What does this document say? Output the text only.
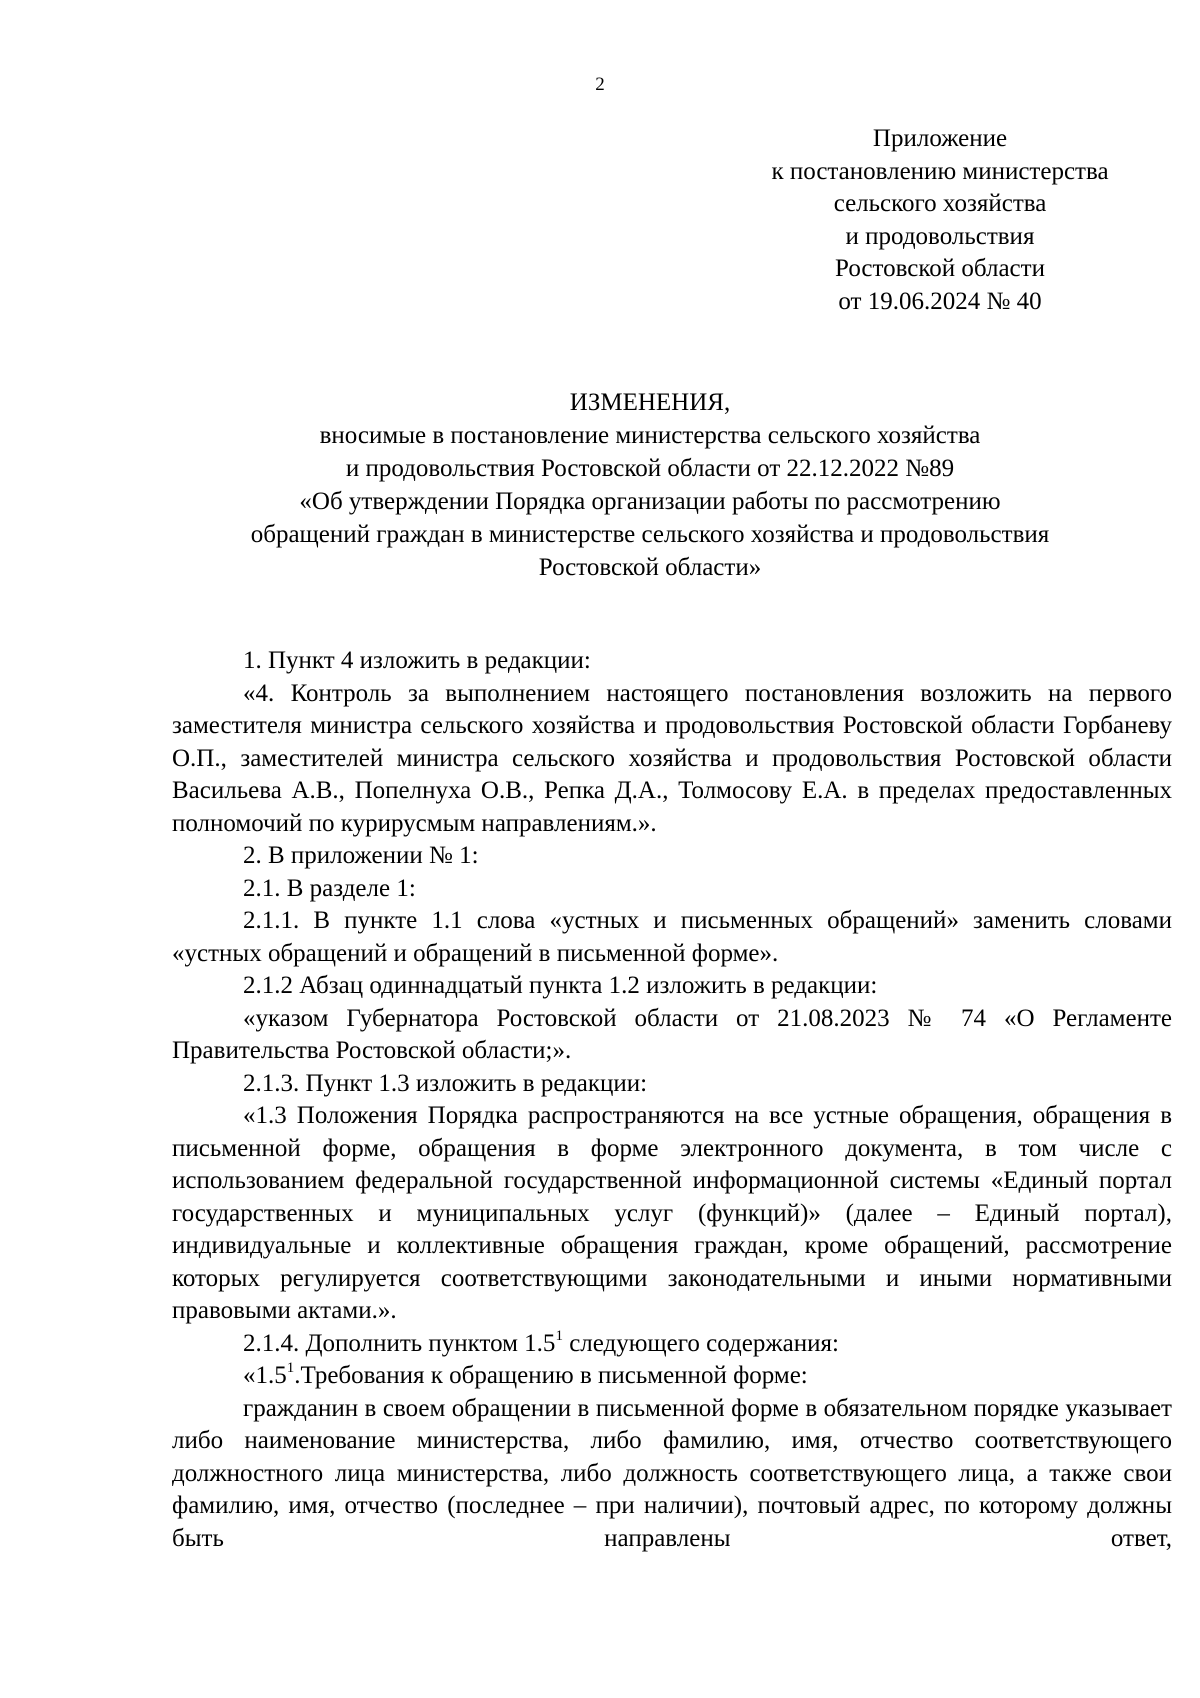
2
Приложение
к постановлению министерства
сельского хозяйства
и продовольствия
Ростовской области
от 19.06.2024 № 40
ИЗМЕНЕНИЯ,
вносимые в постановление министерства сельского хозяйства
и продовольствия Ростовской области от 22.12.2022 №89
«Об утверждении Порядка организации работы по рассмотрению
обращений граждан в министерстве сельского хозяйства и продовольствия
Ростовской области»

1. Пункт 4 изложить в редакции:

«4. Контроль за выполнением настоящего постановления возложить на первого заместителя министра сельского хозяйства и продовольствия Ростовской области Горбаневу О.П., заместителей министра сельского хозяйства и продовольствия Ростовской области Васильева А.В., Попелнуха О.В., Репка Д.А., Толмосову Е.А. в пределах предоставленных полномочий по курирусмым направлениям.».

2. В приложении № 1:

2.1. В разделе 1:

2.1.1. В пункте 1.1 слова «устных и письменных обращений» заменить словами «устных обращений и обращений в письменной форме».

2.1.2 Абзац одиннадцатый пункта 1.2 изложить в редакции:

«указом Губернатора Ростовской области от 21.08.2023 № 74 «О Регламенте Правительства Ростовской области;».

2.1.3. Пункт 1.3 изложить в редакции:

«1.3 Положения Порядка распространяются на все устные обращения, обращения в письменной форме, обращения в форме электронного документа, в том числе с использованием федеральной государственной информационной системы «Единый портал государственных и муниципальных услуг (функций)» (далее – Единый портал), индивидуальные и коллективные обращения граждан, кроме обращений, рассмотрение которых регулируется соответствующими законодательными и иными нормативными правовыми актами.».

2.1.4. Дополнить пунктом $1.5^1$ следующего содержания:

«$1.5^1.Требования$ к обращению в письменной форме:

гражданин в своем обращении в письменной форме в обязательном порядке указывает либо наименование министерства, либо фамилию, имя, отчество соответствующего должностного лица министерства, либо должность соответствующего лица, а также свои фамилию, имя, отчество (последнее – при наличии), почтовый адрес, по которому должны быть направлены ответ,
